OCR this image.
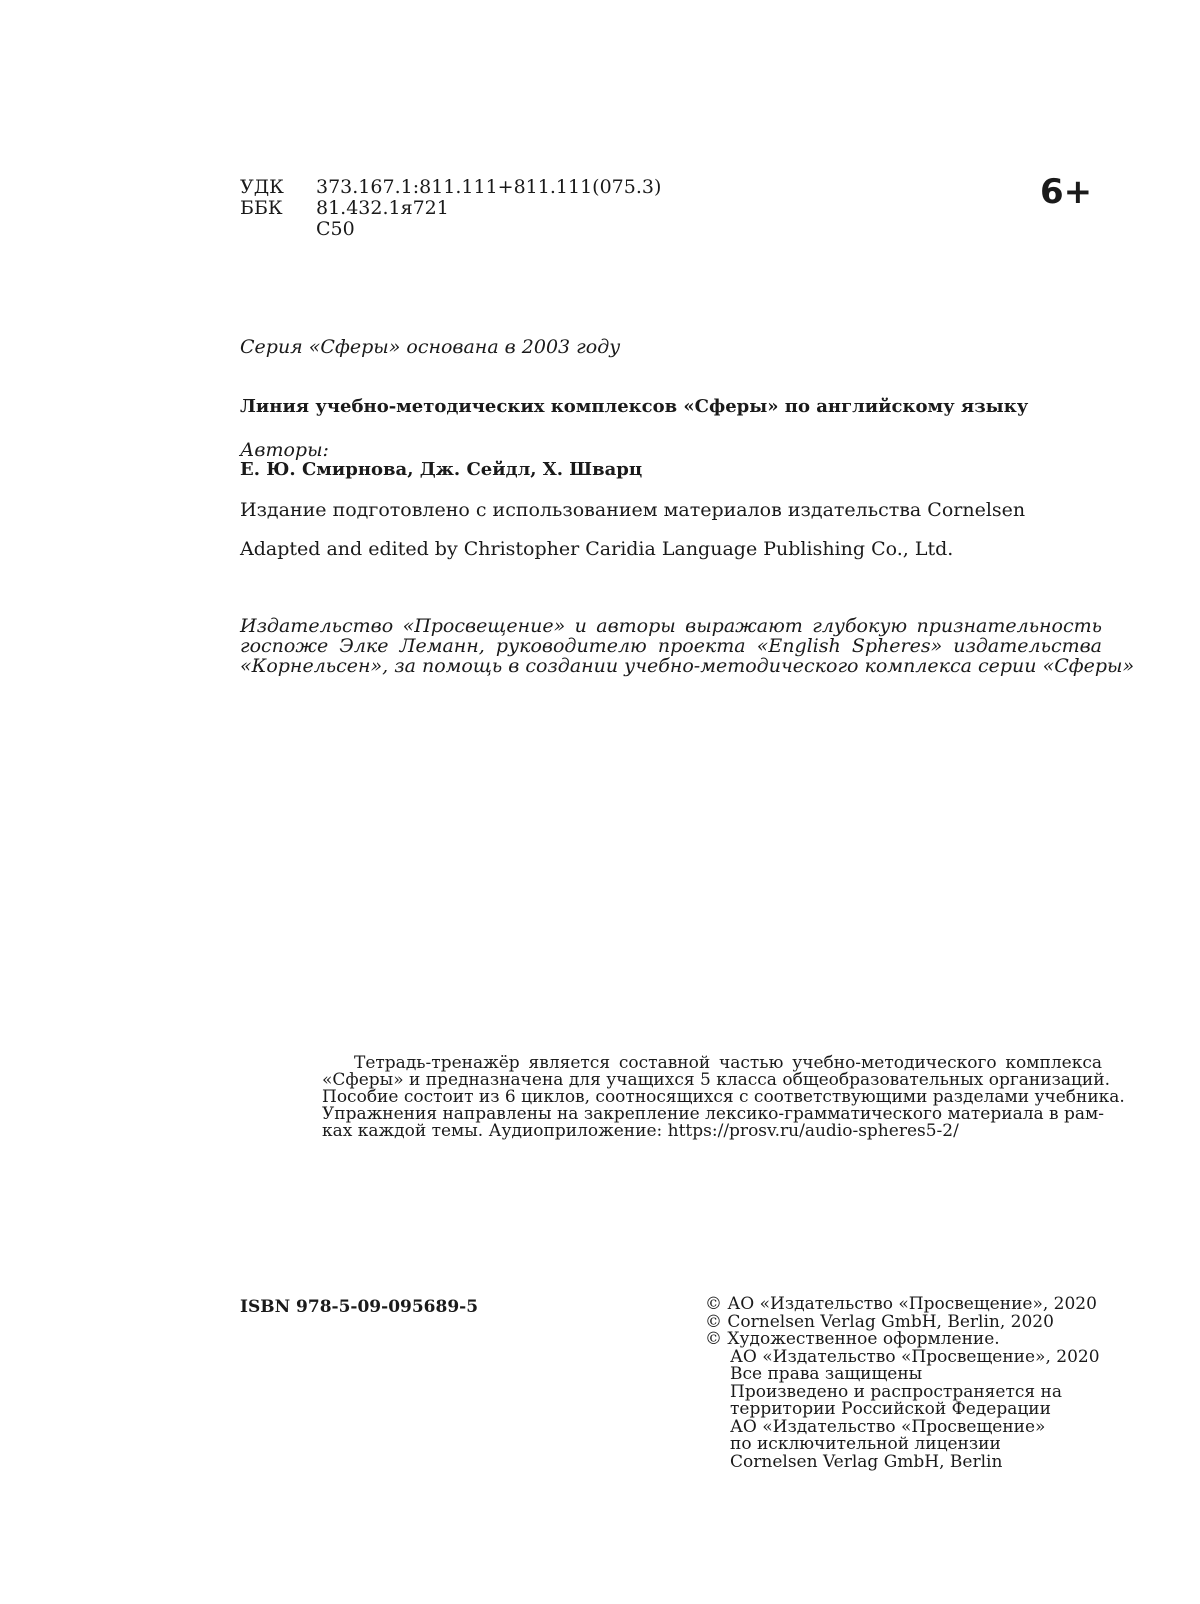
УДК	373.167.1:811.111+811.111(075.3)
ББК	81.432.1я721
С50
6+
Серия «Сферы» основана в 2003 году
Линия учебно-методических комплексов «Сферы» по английскому языку
Авторы:
Е. Ю. Смирнова, Дж. Сейдл, Х. Шварц
Издание подготовлено с использованием материалов издательства Cornelsen
Adapted and edited by Christopher Caridia Language Publishing Co., Ltd.
Издательство «Просвещение» и авторы выражают глубокую признательность
госпоже Элке Леманн, руководителю проекта «English Spheres» издательства
«Корнельсен», за помощь в создании учебно-методического комплекса серии «Сферы»
Тетрадь-тренажёр является составной частью учебно-методического комплекса
«Сферы» и предназначена для учащихся 5 класса общеобразовательных организаций.
Пособие состоит из 6 циклов, соотносящихся с соответствующими разделами учебника.
Упражнения направлены на закрепление лексико-грамматического материала в рам-
ках каждой темы. Аудиоприложение: https://prosv.ru/audio-spheres5-2/
ISBN 978-5-09-095689-5	© АО «Издательство «Просвещение», 2020
© Cornelsen Verlag GmbH, Berlin, 2020
© Художественное оформление.
АО «Издательство «Просвещение», 2020
Все права защищены
Произведено и распространяется на
территории Российской Федерации
АО «Издательство «Просвещение»
по исключительной лицензии
Cornelsen Verlag GmbH, Berlin
